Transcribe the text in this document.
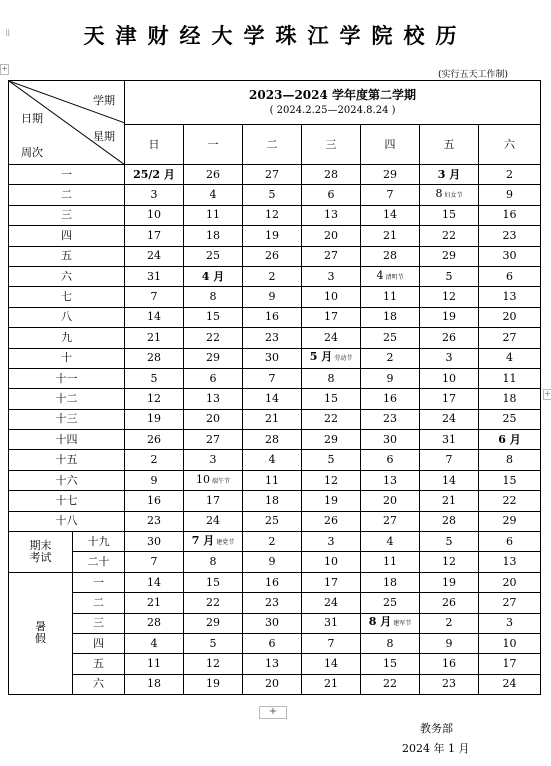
天津财经大学珠江学院校历
⁞⁞
+
+
(实行五天工作制)
学期
日期
星期
周次		2023—2024 学年度第二学期
( 2024.2.25—2024.8.24 )						

		日	一	二	三	四	五	六
一		25/2 月	26	27	28	29	3 月	2
二		3	4	5	6	7	8 妇女节	9
三		10	11	12	13	14	15	16
四		17	18	19	20	21	22	23
五		24	25	26	27	28	29	30
六		31	4 月	2	3	4 清明节	5	6
七		7	8	9	10	11	12	13
八		14	15	16	17	18	19	20
九		21	22	23	24	25	26	27
十		28	29	30	5 月 劳动节	2	3	4
十一		5	6	7	8	9	10	11
十二		12	13	14	15	16	17	18
十三		19	20	21	22	23	24	25
十四		26	27	28	29	30	31	6 月
十五		2	3	4	5	6	7	8
十六		9	10 端午节	11	12	13	14	15
十七		16	17	18	19	20	21	22
十八		23	24	25	26	27	28	29
期末
考试	十九	30	7 月 建党节	2	3	4	5	6
	二十	7	8	9	10	11	12	13
暑
假	一	14	15	16	17	18	19	20
	二	21	22	23	24	25	26	27
	三	28	29	30	31	8 月 建军节	2	3
	四	4	5	6	7	8	9	10
	五	11	12	13	14	15	16	17
	六	18	19	20	21	22	23	24
+
教务部
2024 年 1 月
